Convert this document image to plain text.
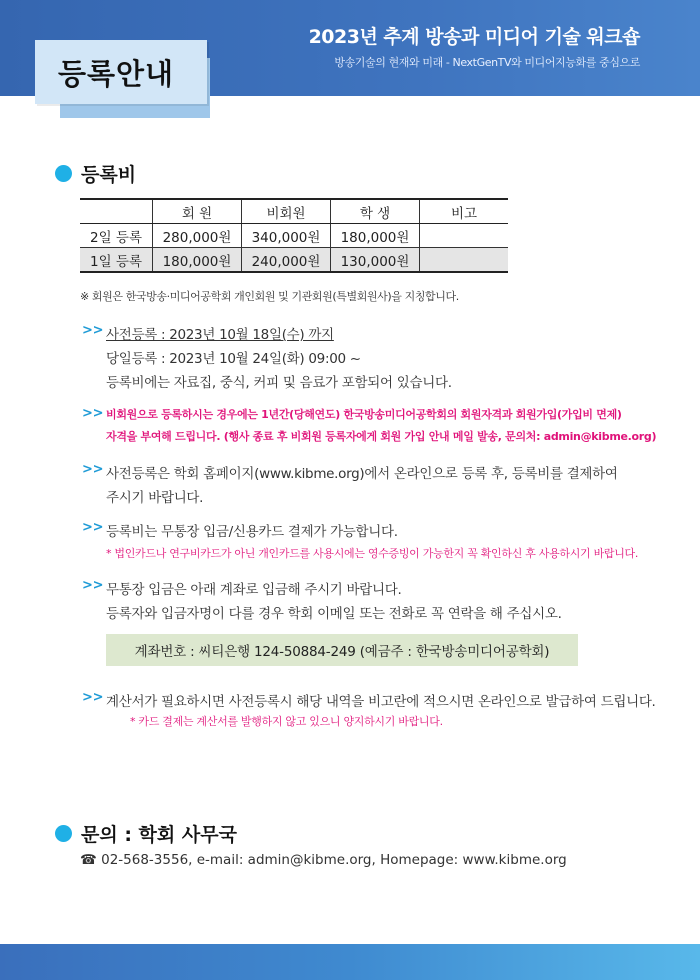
2023년 추계 방송과 미디어 기술 워크숍
방송기술의 현재와 미래 - NextGenTV와 미디어지능화를 중심으로
등록안내
등록비
	회 원	비회원	학 생	비고
2일 등록	280,000원	340,000원	180,000원	
1일 등록	180,000원	240,000원	130,000원	
※ 회원은 한국방송·미디어공학회 개인회원 및 기관회원(특별회원사)을 지칭합니다.
>> 사전등록 : 2023년 10월 18일(수) 까지
당일등록 : 2023년 10월 24일(화) 09:00 ~
등록비에는 자료집, 중식, 커피 및 음료가 포함되어 있습니다.
>> 비회원으로 등록하시는 경우에는 1년간(당해연도) 한국방송미디어공학회의 회원자격과 회원가입(가입비 면제)
자격을 부여해 드립니다. (행사 종료 후 비회원 등록자에게 회원 가입 안내 메일 발송, 문의처: admin@kibme.org)
>> 사전등록은 학회 홈페이지(www.kibme.org)에서 온라인으로 등록 후, 등록비를 결제하여
주시기 바랍니다.
>> 등록비는 무통장 입금/신용카드 결제가 가능합니다.
* 법인카드나 연구비카드가 아닌 개인카드를 사용시에는 영수증빙이 가능한지 꼭 확인하신 후 사용하시기 바랍니다.
>> 무통장 입금은 아래 계좌로 입금해 주시기 바랍니다.
등록자와 입금자명이 다를 경우 학회 이메일 또는 전화로 꼭 연락을 해 주십시오.
계좌번호 : 씨티은행 124-50884-249 (예금주 : 한국방송미디어공학회)
>> 계산서가 필요하시면 사전등록시 해당 내역을 비고란에 적으시면 온라인으로 발급하여 드립니다.
* 카드 결제는 계산서를 발행하지 않고 있으니 양지하시기 바랍니다.
문의 : 학회 사무국
☎ 02-568-3556, e-mail: admin@kibme.org, Homepage: www.kibme.org
